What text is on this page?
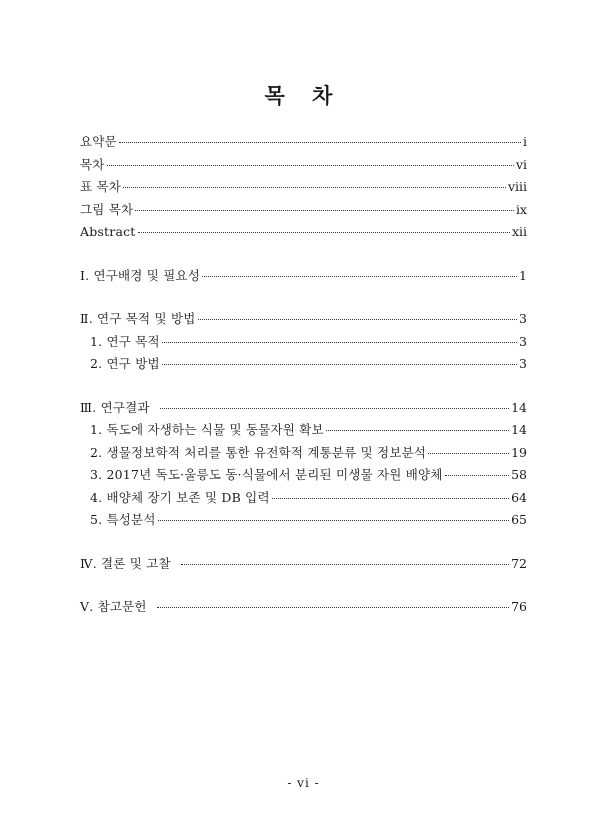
목 차
요약문	i
목차	vi
표 목차	viii
그림 목차	ix
Abstract	xii
Ⅰ. 연구배경 및 필요성	1
Ⅱ. 연구 목적 및 방법	3
1. 연구 목적	3
2. 연구 방법	3
Ⅲ. 연구결과	14
1. 독도에 자생하는 식물 및 동물자원 확보	14
2. 생물정보학적 처리를 통한 유전학적 계통분류 및 정보분석	19
3. 2017년 독도·울릉도 동·식물에서 분리된 미생물 자원 배양체	58
4. 배양체 장기 보존 및 DB 입력	64
5. 특성분석	65
Ⅳ. 결론 및 고찰	72
Ⅴ. 참고문헌	76
- vi -
